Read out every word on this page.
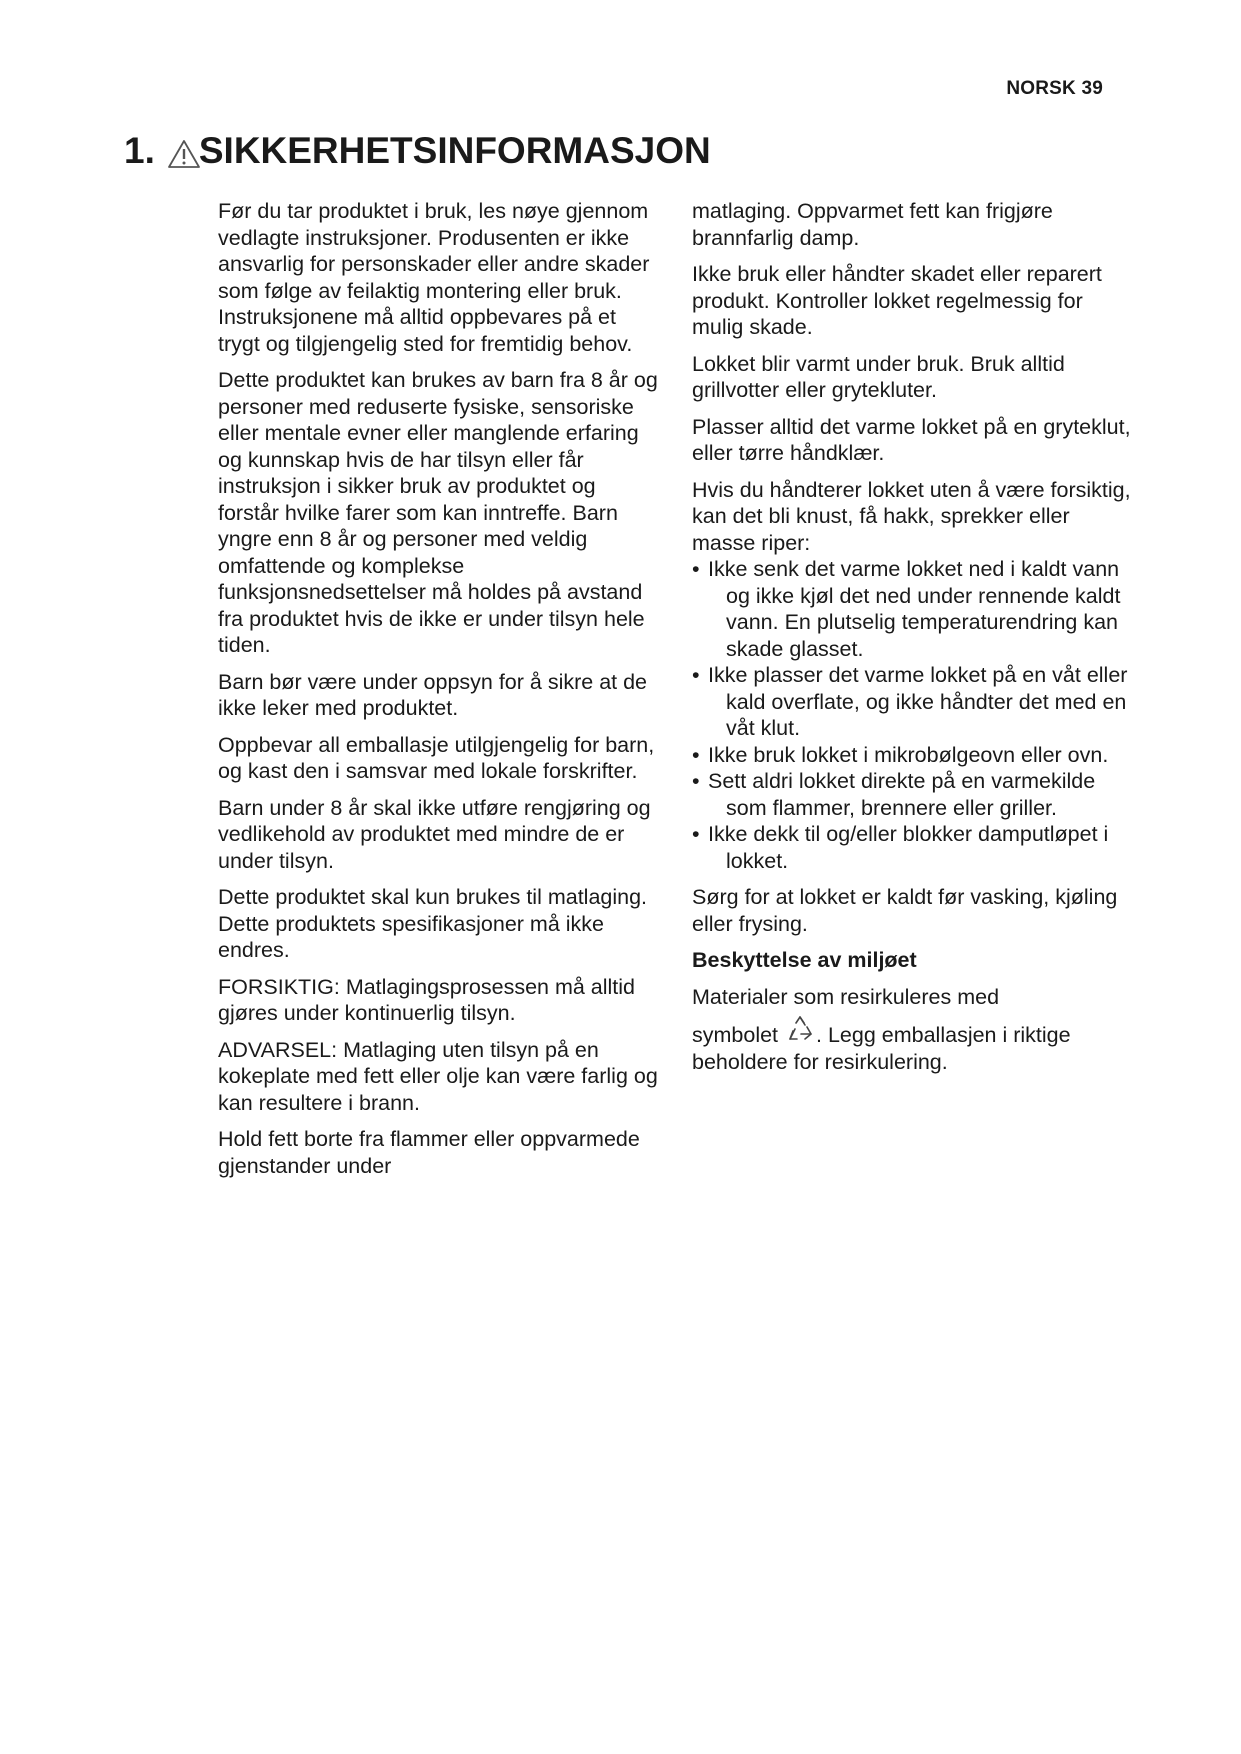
NORSK 39
1. SIKKERHETSINFORMASJON

Før du tar produktet i bruk, les nøye gjennom vedlagte instruksjoner. Produsenten er ikke ansvarlig for personskader eller andre skader som følge av feilaktig montering eller bruk. Instruksjonene må alltid oppbevares på et trygt og tilgjengelig sted for fremtidig behov.

Dette produktet kan brukes av barn fra 8 år og personer med reduserte fysiske, sensoriske eller mentale evner eller manglende erfaring og kunnskap hvis de har tilsyn eller får instruksjon i sikker bruk av produktet og forstår hvilke farer som kan inntreffe. Barn yngre enn 8 år og personer med veldig omfattende og komplekse funksjonsnedsettelser må holdes på avstand fra produktet hvis de ikke er under tilsyn hele tiden.

Barn bør være under oppsyn for å sikre at de ikke leker med produktet.

Oppbevar all emballasje utilgjengelig for barn, og kast den i samsvar med lokale forskrifter.

Barn under 8 år skal ikke utføre rengjøring og vedlikehold av produktet med mindre de er under tilsyn.

Dette produktet skal kun brukes til matlaging. Dette produktets spesifikasjoner må ikke endres.

FORSIKTIG: Matlagingsprosessen må alltid gjøres under kontinuerlig tilsyn.

ADVARSEL: Matlaging uten tilsyn på en kokeplate med fett eller olje kan være farlig og kan resultere i brann.

Hold fett borte fra flammer eller oppvarmede gjenstander under

matlaging. Oppvarmet fett kan frigjøre brannfarlig damp.

Ikke bruk eller håndter skadet eller reparert produkt. Kontroller lokket regelmessig for mulig skade.

Lokket blir varmt under bruk. Bruk alltid grillvotter eller grytekluter.

Plasser alltid det varme lokket på en gryteklut, eller tørre håndklær.

Hvis du håndterer lokket uten å være forsiktig, kan det bli knust, få hakk, sprekker eller masse riper:

• Ikke senk det varme lokket ned i kaldt vann og ikke kjøl det ned under rennende kaldt vann. En plutselig temperaturendring kan skade glasset.
• Ikke plasser det varme lokket på en våt eller kald overflate, og ikke håndter det med en våt klut.
• Ikke bruk lokket i mikrobølgeovn eller ovn.
• Sett aldri lokket direkte på en varmekilde som flammer, brennere eller griller.
• Ikke dekk til og/eller blokker damputløpet i lokket.

Sørg for at lokket er kaldt før vasking, kjøling eller frysing.

Beskyttelse av miljøet

Materialer som resirkuleres med

symbolet . Legg emballasjen i riktige beholdere for resirkulering.
